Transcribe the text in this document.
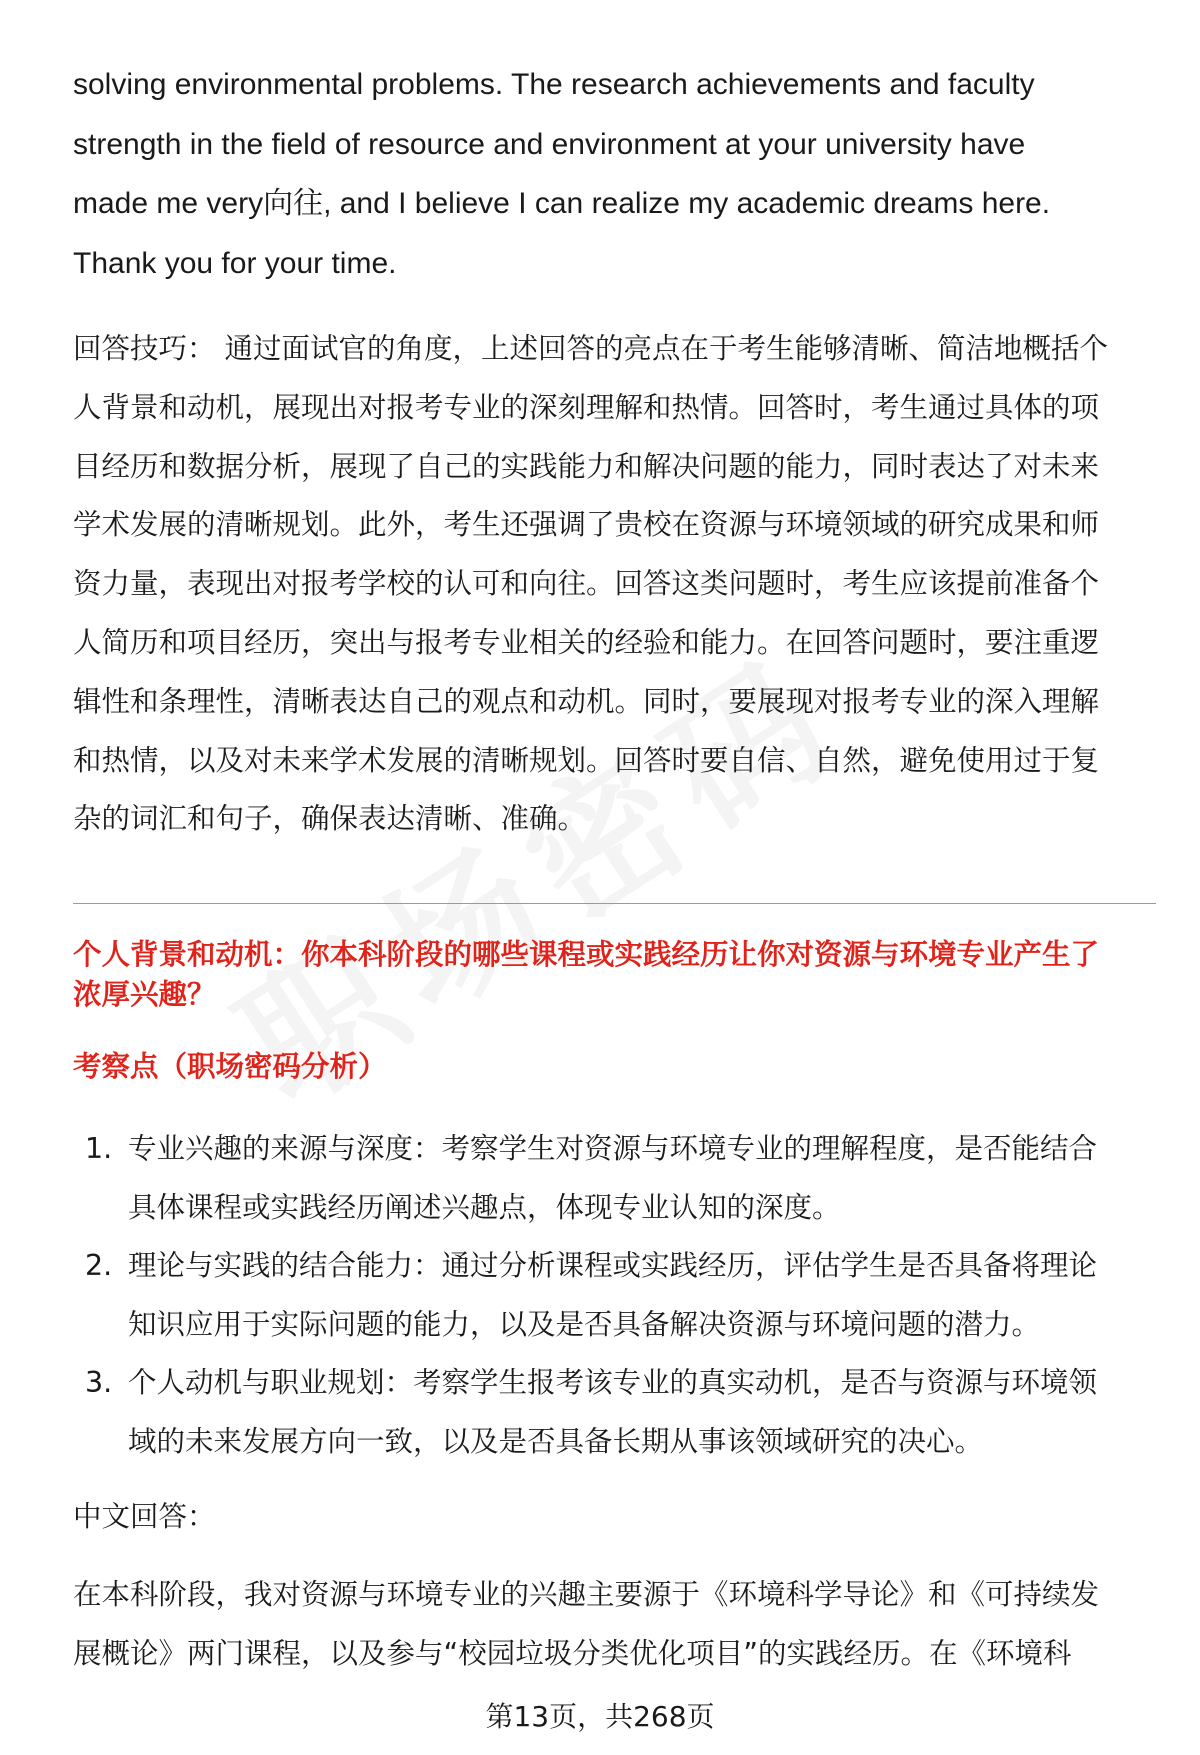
solving environmental problems. The research achievements and faculty
strength in the field of resource and environment at your university have
made me very向往, and I believe I can realize my academic dreams here.
Thank you for your time.
回答技巧： 通过面试官的角度，上述回答的亮点在于考生能够清晰、简洁地概括个
人背景和动机，展现出对报考专业的深刻理解和热情。回答时，考生通过具体的项
目经历和数据分析，展现了自己的实践能力和解决问题的能力，同时表达了对未来
学术发展的清晰规划。此外，考生还强调了贵校在资源与环境领域的研究成果和师
资力量，表现出对报考学校的认可和向往。回答这类问题时，考生应该提前准备个
人简历和项目经历，突出与报考专业相关的经验和能力。在回答问题时，要注重逻
辑性和条理性，清晰表达自己的观点和动机。同时，要展现对报考专业的深入理解
和热情，以及对未来学术发展的清晰规划。回答时要自信、自然，避免使用过于复
杂的词汇和句子，确保表达清晰、准确。
个人背景和动机：你本科阶段的哪些课程或实践经历让你对资源与环境专业产生了
浓厚兴趣？
考察点（职场密码分析）
1. 专业兴趣的来源与深度：考察学生对资源与环境专业的理解程度，是否能结合
具体课程或实践经历阐述兴趣点，体现专业认知的深度。
2. 理论与实践的结合能力：通过分析课程或实践经历，评估学生是否具备将理论
知识应用于实际问题的能力，以及是否具备解决资源与环境问题的潜力。
3. 个人动机与职业规划：考察学生报考该专业的真实动机，是否与资源与环境领
域的未来发展方向一致，以及是否具备长期从事该领域研究的决心。
中文回答：
在本科阶段，我对资源与环境专业的兴趣主要源于《环境科学导论》和《可持续发
展概论》两门课程，以及参与“校园垃圾分类优化项目”的实践经历。在《环境科
第13页，共268页
